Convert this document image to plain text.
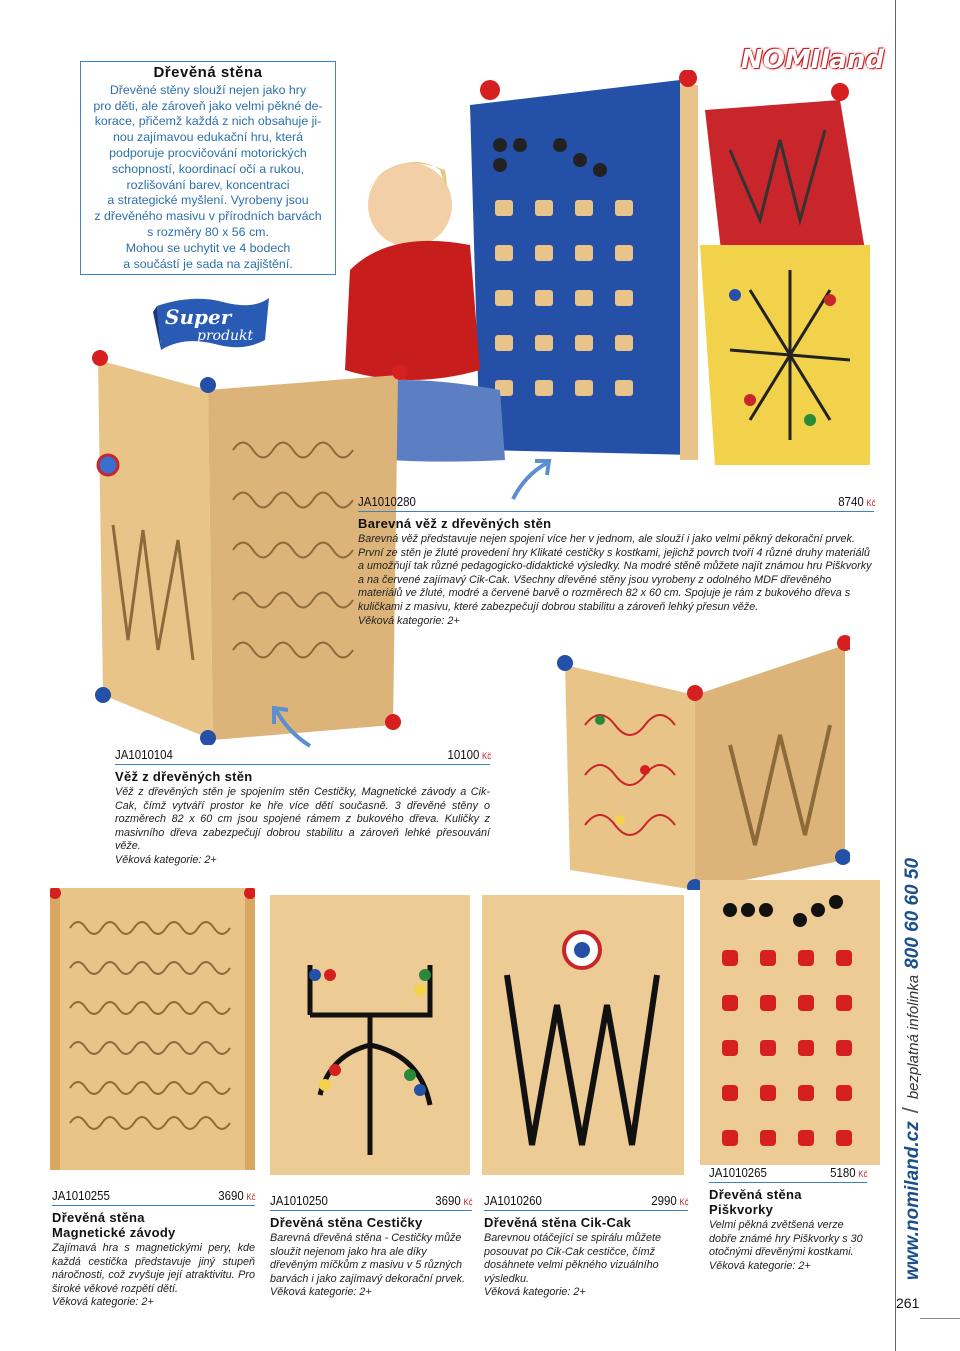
Dřevěná stěna

Dřevěné stěny slouží nejen jako hry

pro děti, ale zároveň jako velmi pěkné de-

korace, přičemž každá z nich obsahuje ji-

nou zajímavou edukační hru, která

podporuje procvičování motorických

schopností, koordinací očí a rukou,

rozlišování barev, koncentraci

a strategické myšlení. Vyrobeny jsou

z dřevěného masivu v přírodních barvách

s rozměry 80 x 56 cm.

Mohou se uchytit ve 4 bodech

a součástí je sada na zajištění.

Super
produkt
NOMIland
JA1010280	8740 Kč
Barevná věž z dřevěných stěn

Barevná věž představuje nejen spojení více her v jednom, ale slouží i jako velmi pěkný dekorační prvek. První ze stěn je žluté provedení hry Klikaté cestičky s kostkami, jejichž povrch tvoří 4 různé druhy materiálů a umožňují tak různé pedagogicko-didaktické výsledky. Na modré stěně můžete najít známou hru Piškvorky a na červené zajímavý Cik-Cak. Všechny dřevěné stěny jsou vyrobeny z odolného MDF dřevěného materiálů ve žluté, modré a červené barvě o rozměrech 82 x 60 cm. Spojuje je rám z bukového dřeva s kuličkami z masivu, které zabezpečují dobrou stabilitu a zároveň lehký přesun věže.

Věková kategorie: 2+

JA1010104	10100 Kč
Věž z dřevěných stěn

Věž z dřevěných stěn je spojením stěn Cestičky, Magnetické závody a Cik-Cak, čímž vytváří prostor ke hře více dětí současně. 3 dřevěné stěny o rozměrech 82 x 60 cm jsou spojené rámem z bukového dřeva. Kuličky z masivního dřeva zabezpečují dobrou stabilitu a zároveň lehké přesouvání věže.

Věková kategorie: 2+

JA1010255	3690 Kč
Dřevěná stěna
Magnetické závody

Zajímavá hra s magnetickými pery, kde každá cestička představuje jiný stupeň náročnosti, což zvyšuje její atraktivitu. Pro široké věkové rozpětí dětí.

Věková kategorie: 2+

JA1010250	3690 Kč
Dřevěná stěna Cestičky

Barevná dřevěná stěna - Cestičky může sloužit nejenom jako hra ale díky dřevěným míčkům z masivu v 5 různých barvách i jako zajímavý dekorační prvek.

Věková kategorie: 2+

JA1010260	2990 Kč
Dřevěná stěna Cik-Cak

Barevnou otáčející se spirálu můžete posouvat po Cik-Cak cestičce, čímž dosáhnete velmi pěkného vizuálního výsledku.

Věková kategorie: 2+

JA1010265	5180 Kč
Dřevěná stěna
Piškvorky

Velmi pěkná zvětšená verze dobře známé hry Piškvorky s 30 otočnými dřevěnými kostkami.

Věková kategorie: 2+	www.nomiland.cz/bezplatná infolinka800 60 60 50
261
